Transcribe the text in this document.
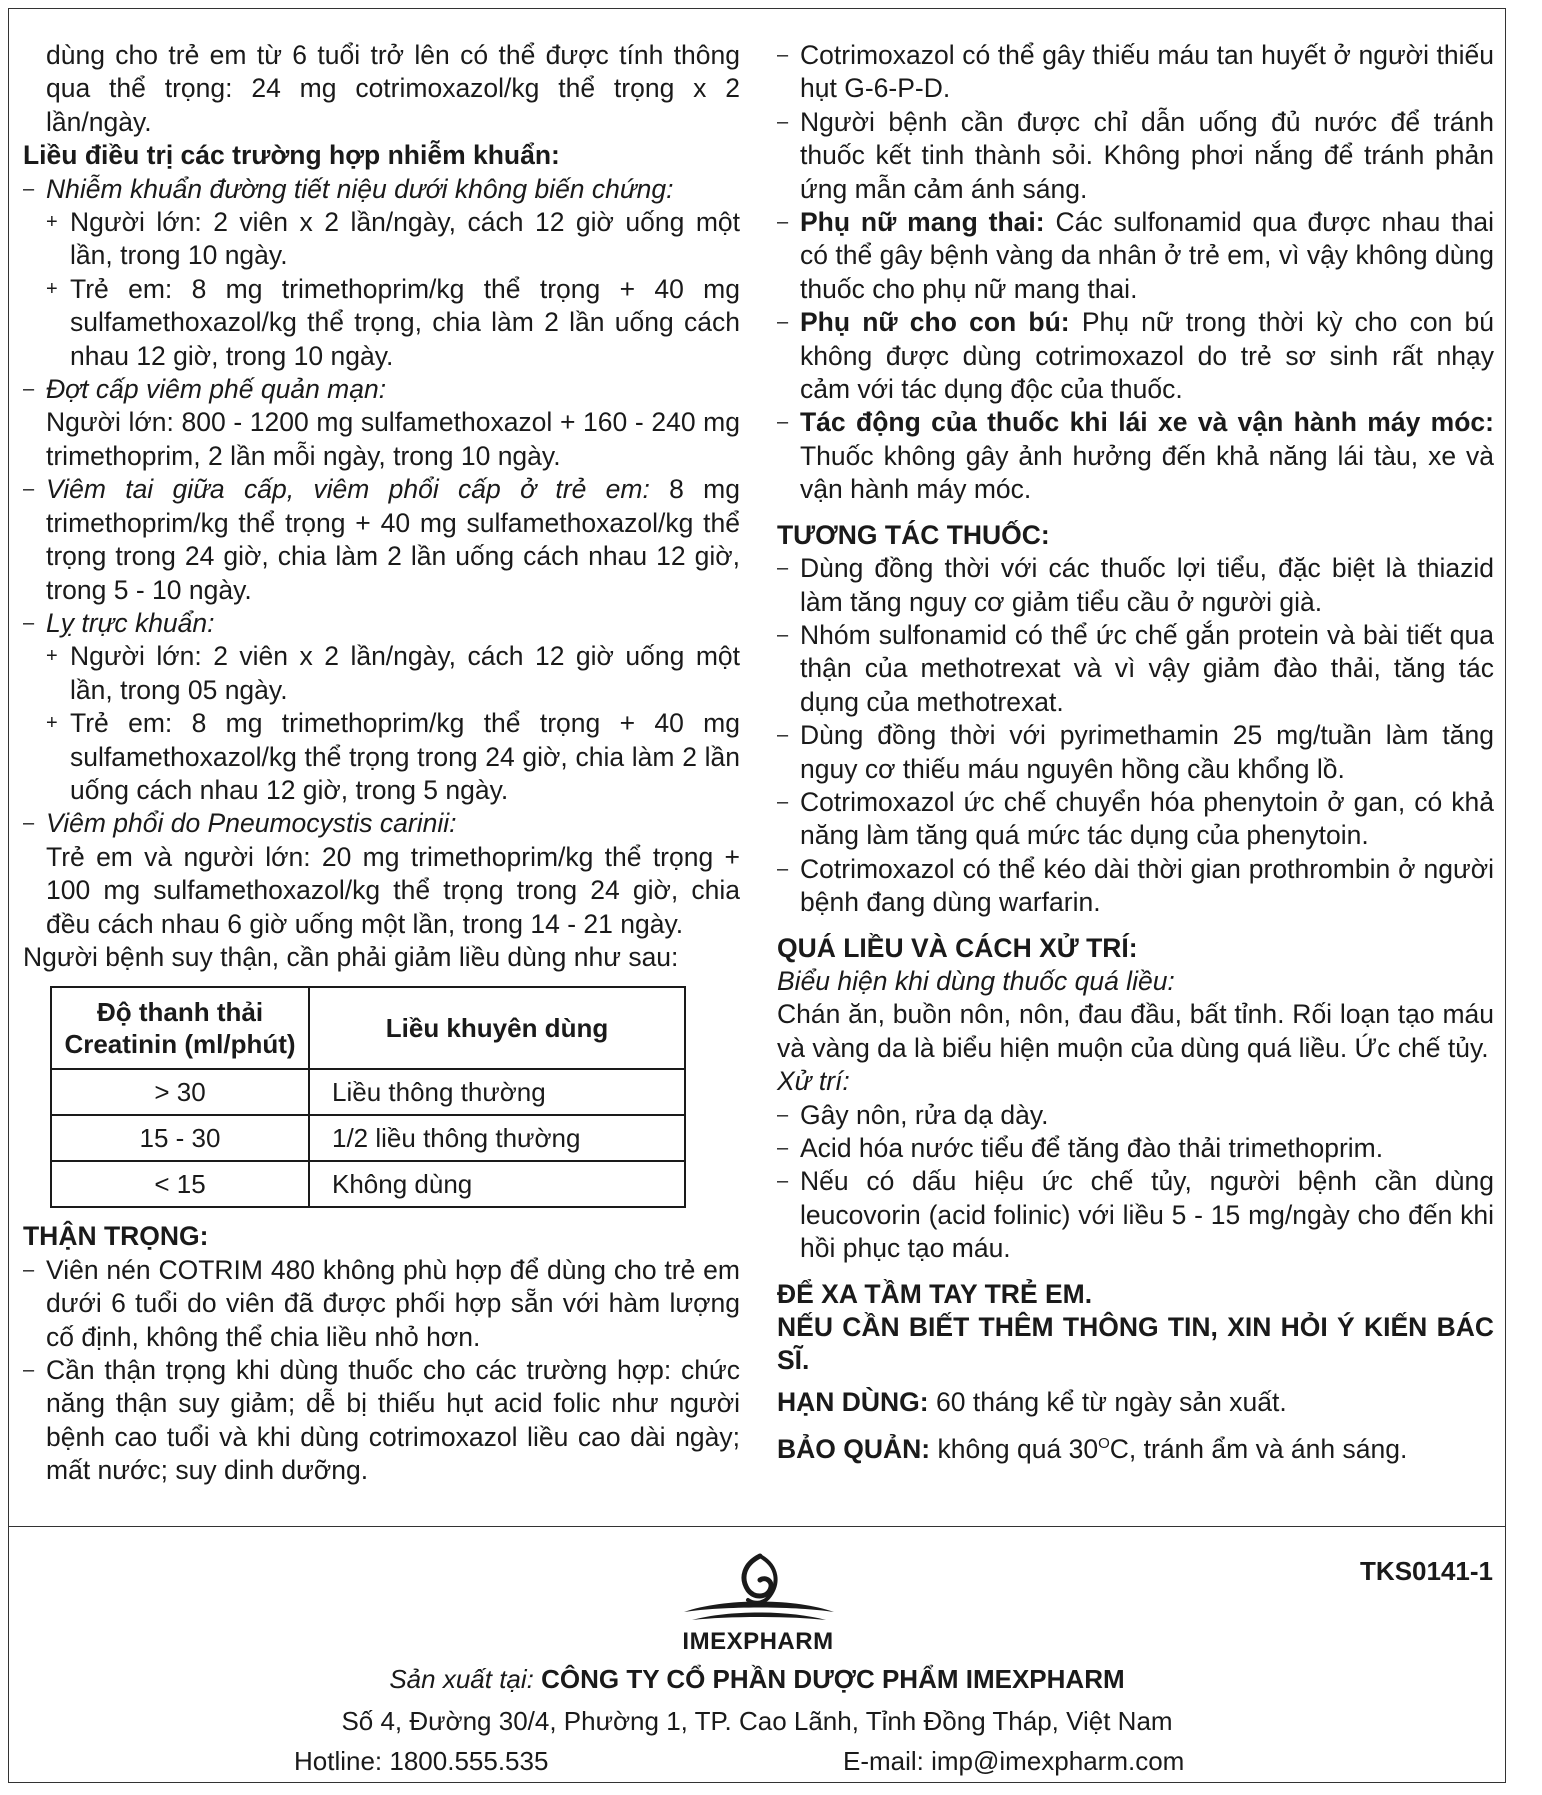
dùng cho trẻ em từ 6 tuổi trở lên có thể được tính thông qua thể trọng: 24 mg cotrimoxazol/kg thể trọng x 2 lần/ngày.

Liều điều trị các trường hợp nhiễm khuẩn:

– Nhiễm khuẩn đường tiết niệu dưới không biến chứng:
+ Người lớn: 2 viên x 2 lần/ngày, cách 12 giờ uống một lần, trong 10 ngày.
+ Trẻ em: 8 mg trimethoprim/kg thể trọng + 40 mg sulfamethoxazol/kg thể trọng, chia làm 2 lần uống cách nhau 12 giờ, trong 10 ngày.
– Đợt cấp viêm phế quản mạn:

Người lớn: 800 - 1200 mg sulfamethoxazol + 160 - 240 mg trimethoprim, 2 lần mỗi ngày, trong 10 ngày.

– Viêm tai giữa cấp, viêm phổi cấp ở trẻ em: 8 mg trimethoprim/kg thể trọng + 40 mg sulfamethoxazol/kg thể trọng trong 24 giờ, chia làm 2 lần uống cách nhau 12 giờ, trong 5 - 10 ngày.
– Lỵ trực khuẩn:
+ Người lớn: 2 viên x 2 lần/ngày, cách 12 giờ uống một lần, trong 05 ngày.
+ Trẻ em: 8 mg trimethoprim/kg thể trọng + 40 mg sulfamethoxazol/kg thể trọng trong 24 giờ, chia làm 2 lần uống cách nhau 12 giờ, trong 5 ngày.
– Viêm phổi do Pneumocystis carinii:

Trẻ em và người lớn: 20 mg trimethoprim/kg thể trọng + 100 mg sulfamethoxazol/kg thể trọng trong 24 giờ, chia đều cách nhau 6 giờ uống một lần, trong 14 - 21 ngày.

Người bệnh suy thận, cần phải giảm liều dùng như sau:

Độ thanh thải Creatinin (ml/phút)	Liều khuyên dùng
> 30	Liều thông thường
15 - 30	1/2 liều thông thường
< 15	Không dùng

THẬN TRỌNG:

– Viên nén COTRIM 480 không phù hợp để dùng cho trẻ em dưới 6 tuổi do viên đã được phối hợp sẵn với hàm lượng cố định, không thể chia liều nhỏ hơn.
– Cần thận trọng khi dùng thuốc cho các trường hợp: chức năng thận suy giảm; dễ bị thiếu hụt acid folic như người bệnh cao tuổi và khi dùng cotrimoxazol liều cao dài ngày; mất nước; suy dinh dưỡng.
– Cotrimoxazol có thể gây thiếu máu tan huyết ở người thiếu hụt G-6-P-D.
– Người bệnh cần được chỉ dẫn uống đủ nước để tránh thuốc kết tinh thành sỏi. Không phơi nắng để tránh phản ứng mẫn cảm ánh sáng.
– Phụ nữ mang thai: Các sulfonamid qua được nhau thai có thể gây bệnh vàng da nhân ở trẻ em, vì vậy không dùng thuốc cho phụ nữ mang thai.
– Phụ nữ cho con bú: Phụ nữ trong thời kỳ cho con bú không được dùng cotrimoxazol do trẻ sơ sinh rất nhạy cảm với tác dụng độc của thuốc.
– Tác động của thuốc khi lái xe và vận hành máy móc: Thuốc không gây ảnh hưởng đến khả năng lái tàu, xe và vận hành máy móc.

TƯƠNG TÁC THUỐC:

– Dùng đồng thời với các thuốc lợi tiểu, đặc biệt là thiazid làm tăng nguy cơ giảm tiểu cầu ở người già.
– Nhóm sulfonamid có thể ức chế gắn protein và bài tiết qua thận của methotrexat và vì vậy giảm đào thải, tăng tác dụng của methotrexat.
– Dùng đồng thời với pyrimethamin 25 mg/tuần làm tăng nguy cơ thiếu máu nguyên hồng cầu khổng lồ.
– Cotrimoxazol ức chế chuyển hóa phenytoin ở gan, có khả năng làm tăng quá mức tác dụng của phenytoin.
– Cotrimoxazol có thể kéo dài thời gian prothrombin ở người bệnh đang dùng warfarin.

QUÁ LIỀU VÀ CÁCH XỬ TRÍ:

Biểu hiện khi dùng thuốc quá liều:

Chán ăn, buồn nôn, nôn, đau đầu, bất tỉnh. Rối loạn tạo máu và vàng da là biểu hiện muộn của dùng quá liều. Ức chế tủy.

Xử trí:

– Gây nôn, rửa dạ dày.
– Acid hóa nước tiểu để tăng đào thải trimethoprim.
– Nếu có dấu hiệu ức chế tủy, người bệnh cần dùng leucovorin (acid folinic) với liều 5 - 15 mg/ngày cho đến khi hồi phục tạo máu.

ĐỂ XA TẦM TAY TRẺ EM.

NẾU CẦN BIẾT THÊM THÔNG TIN, XIN HỎI Ý KIẾN BÁC SĨ.

HẠN DÙNG: 60 tháng kể từ ngày sản xuất.

BẢO QUẢN: không quá $30^OC$, tránh ẩm và ánh sáng.

TKS0141-1
IMEXPHARM
Sản xuất tại: CÔNG TY CỔ PHẦN DƯỢC PHẨM IMEXPHARM
Số 4, Đường 30/4, Phường 1, TP. Cao Lãnh, Tỉnh Đồng Tháp, Việt Nam
Hotline: 1800.555.535	E-mail: imp@imexpharm.com
